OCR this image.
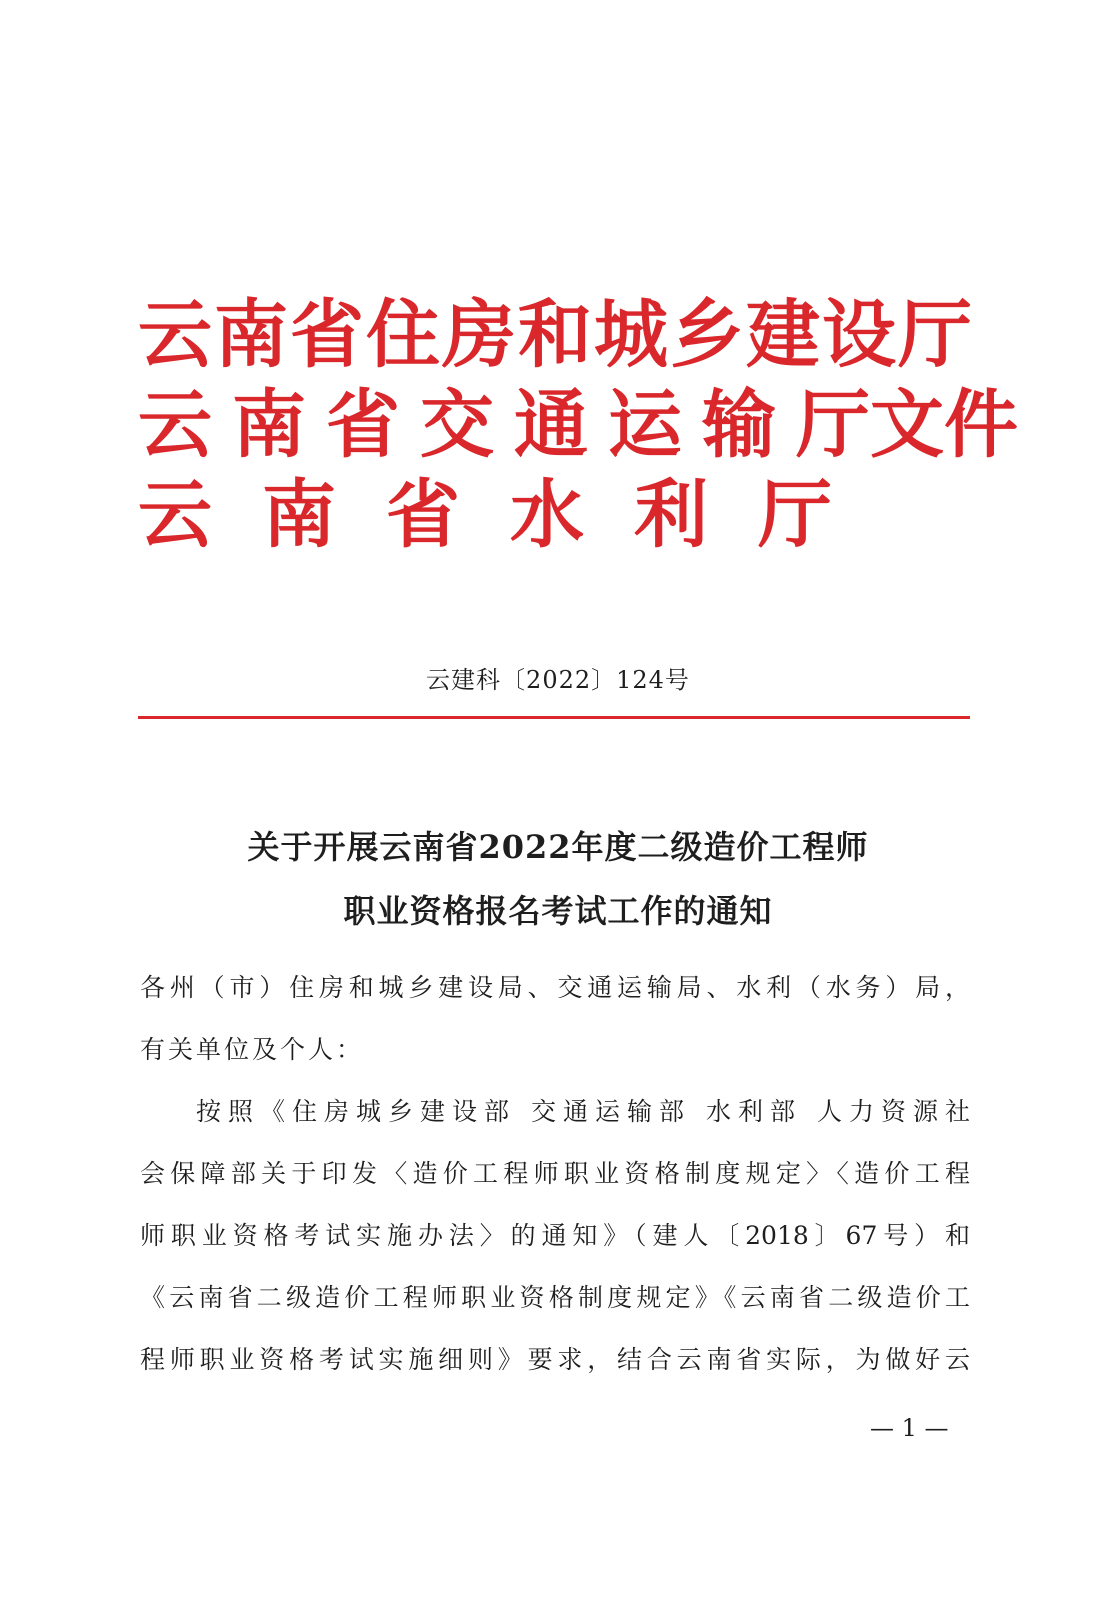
云南省住房和城乡建设厅
云南省交通运输厅文件
云南省水利厅
云建科〔2022〕124号
关于开展云南省2022年度二级造价工程师
职业资格报名考试工作的通知
各州（市）住房和城乡建设局、交通运输局、水利（水务）局，
有关单位及个人：
按照《住房城乡建设部 交通运输部 水利部 人力资源社
会保障部关于印发〈造价工程师职业资格制度规定〉〈造价工程
师职业资格考试实施办法〉的通知》（建人〔2018〕67号）和
《云南省二级造价工程师职业资格制度规定》《云南省二级造价工
程师职业资格考试实施细则》要求，结合云南省实际，为做好云
— 1 —
